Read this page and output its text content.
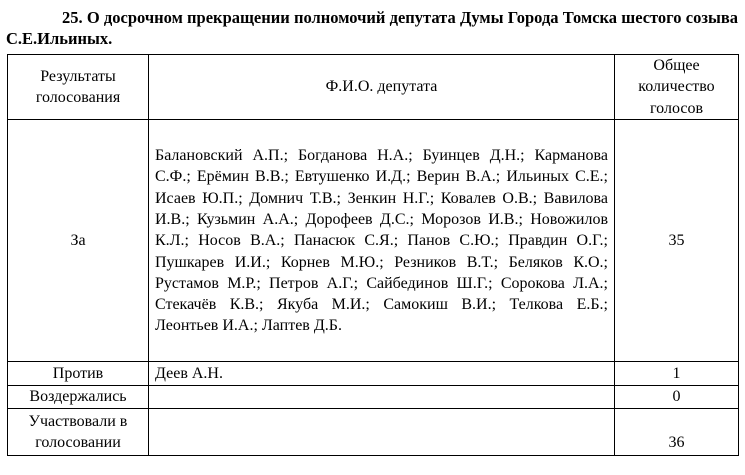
25. О досрочном прекращении полномочий депутата Думы Города Томска шестого созыва С.Е.Ильиных.
Результаты голосования	Ф.И.О. депутата	Общее количество голосов
За	Балановский А.П.; Богданова Н.А.; Буинцев Д.Н.; Карманова С.Ф.; Ерёмин В.В.; Евтушенко И.Д.; Верин В.А.; Ильиных С.Е.; Исаев Ю.П.; Домнич Т.В.; Зенкин Н.Г.; Ковалев О.В.; Вавилова И.В.; Кузьмин А.А.; Дорофеев Д.С.; Морозов И.В.; Новожилов К.Л.; Носов В.А.; Панасюк С.Я.; Панов С.Ю.; Правдин О.Г.; Пушкарев И.И.; Корнев М.Ю.; Резников В.Т.; Беляков К.О.; Рустамов М.Р.; Петров А.Г.; Сайбединов Ш.Г.; Сорокова Л.А.; Стекачёв К.В.; Якуба М.И.; Самокиш В.И.; Телкова Е.Б.; Леонтьев И.А.; Лаптев Д.Б.	35
Против	Деев А.Н.	1
Воздержались		0
Участвовали в голосовании		36
